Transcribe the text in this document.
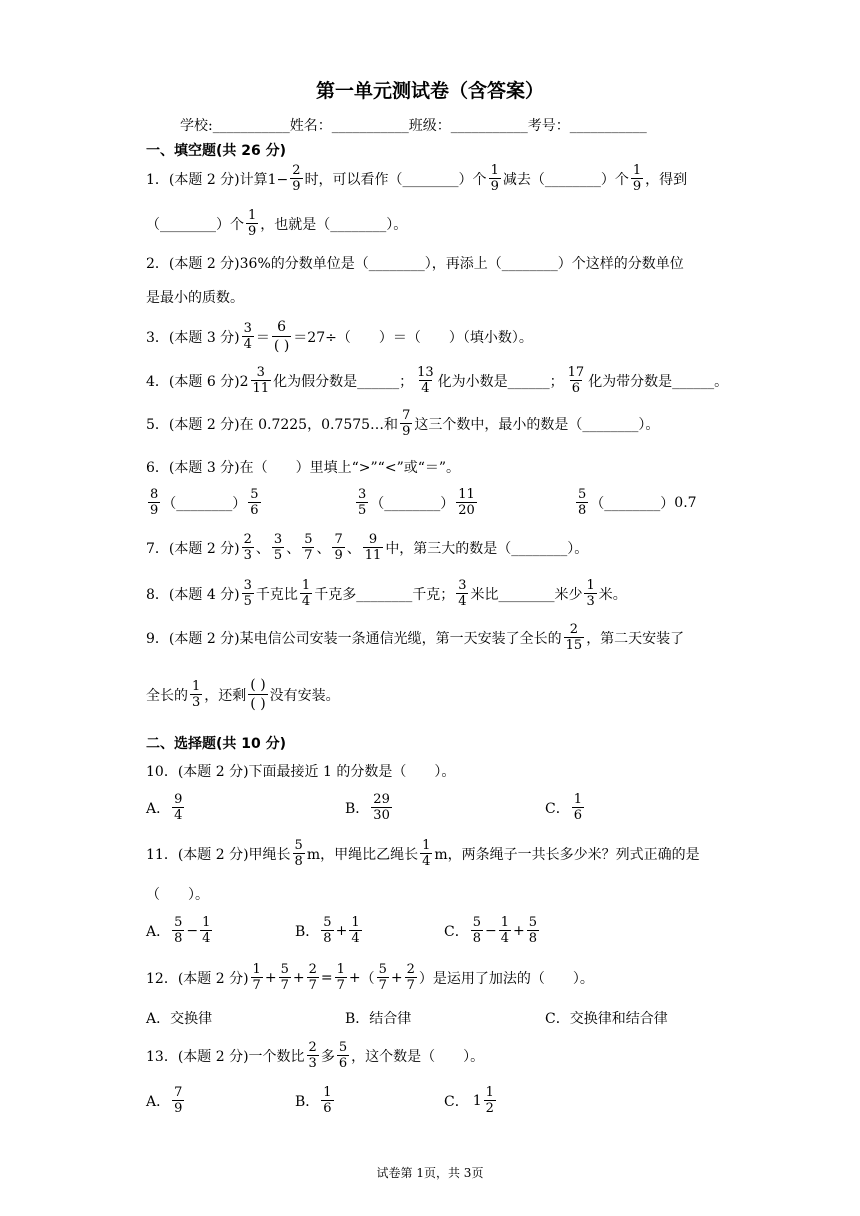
第一单元测试卷（含答案）
学校:___________姓名：___________班级：___________考号：___________
一、填空题(共 26 分)
1．(本题 2 分)计算$1- \frac{2}{9}$ 时，可以看作（________）个 $\frac{1}{9}$ 减去（________）个 $\frac{1}{9}$ ，得到
（________）个 $\frac{1}{9}$ ，也就是（________）。
2．(本题 2 分)36%的分数单位是（________），再添上（________）个这样的分数单位
是最小的质数。
3．(本题 3 分) $\frac{3}{4} = \frac{6}{( )} =27\div$（　　）＝（　　）（填小数）。
4．(本题 6 分)$2 \frac{3}{11}$ 化为假分数是______； $\frac{13}{4}$ 化为小数是______； $\frac{17}{6}$ 化为带分数是______。
5．(本题 2 分)在 0.7225，0.7575…和 $\frac{7}{9}$ 这三个数中，最小的数是（________）。
6．(本题 3 分)在（　　）里填上“>”“<”或“＝”。
$\frac{8}{9}$ （________） $\frac{5}{6}$	$\frac{3}{5}$ （________） $\frac{11}{20}$	$\frac{5}{8}$ （________） 0.7
7．(本题 2 分) $\frac{2}{3}$ 、 $\frac{3}{5}$ 、 $\frac{5}{7}$ 、 $\frac{7}{9}$ 、 $\frac{9}{11}$ 中，第三大的数是（________）。
8．(本题 4 分) $\frac{3}{5}$ 千克比 $\frac{1}{4}$ 千克多________千克； $\frac{3}{4}$ 米比________米少 $\frac{1}{3}$ 米。
9．(本题 2 分)某电信公司安装一条通信光缆，第一天安装了全长的 $\frac{2}{15}$ ，第二天安装了
全长的 $\frac{1}{3}$ ，还剩 $\frac{( )}{( )}$ 没有安装。
二、选择题(共 10 分)
10．(本题 2 分)下面最接近 1 的分数是（　　）。
A． $\frac{9}{4}$	B． $\frac{29}{30}$	C． $\frac{1}{6}$
11．(本题 2 分)甲绳长 $\frac{5}{8}$ m，甲绳比乙绳长 $\frac{1}{4}$ m，两条绳子一共长多少米？列式正确的是
（　　）。
A． $\frac{5}{8} - \frac{1}{4}$	B． $\frac{5}{8} + \frac{1}{4}$	C． $\frac{5}{8} - \frac{1}{4} + \frac{5}{8}$
12．(本题 2 分) $\frac{1}{7} + \frac{5}{7} + \frac{2}{7} = \frac{1}{7}$ + （ $\frac{5}{7} + \frac{2}{7}$ ） 是运用了加法的（　　）。
A．交换律	B．结合律	C．交换律和结合律
13．(本题 2 分)一个数比 $\frac{2}{3}$ 多 $\frac{5}{6}$ ，这个数是（　　）。
A． $\frac{7}{9}$	B． $\frac{1}{6}$	C． $1 \frac{1}{2}$
试卷第 1页，共 3页
